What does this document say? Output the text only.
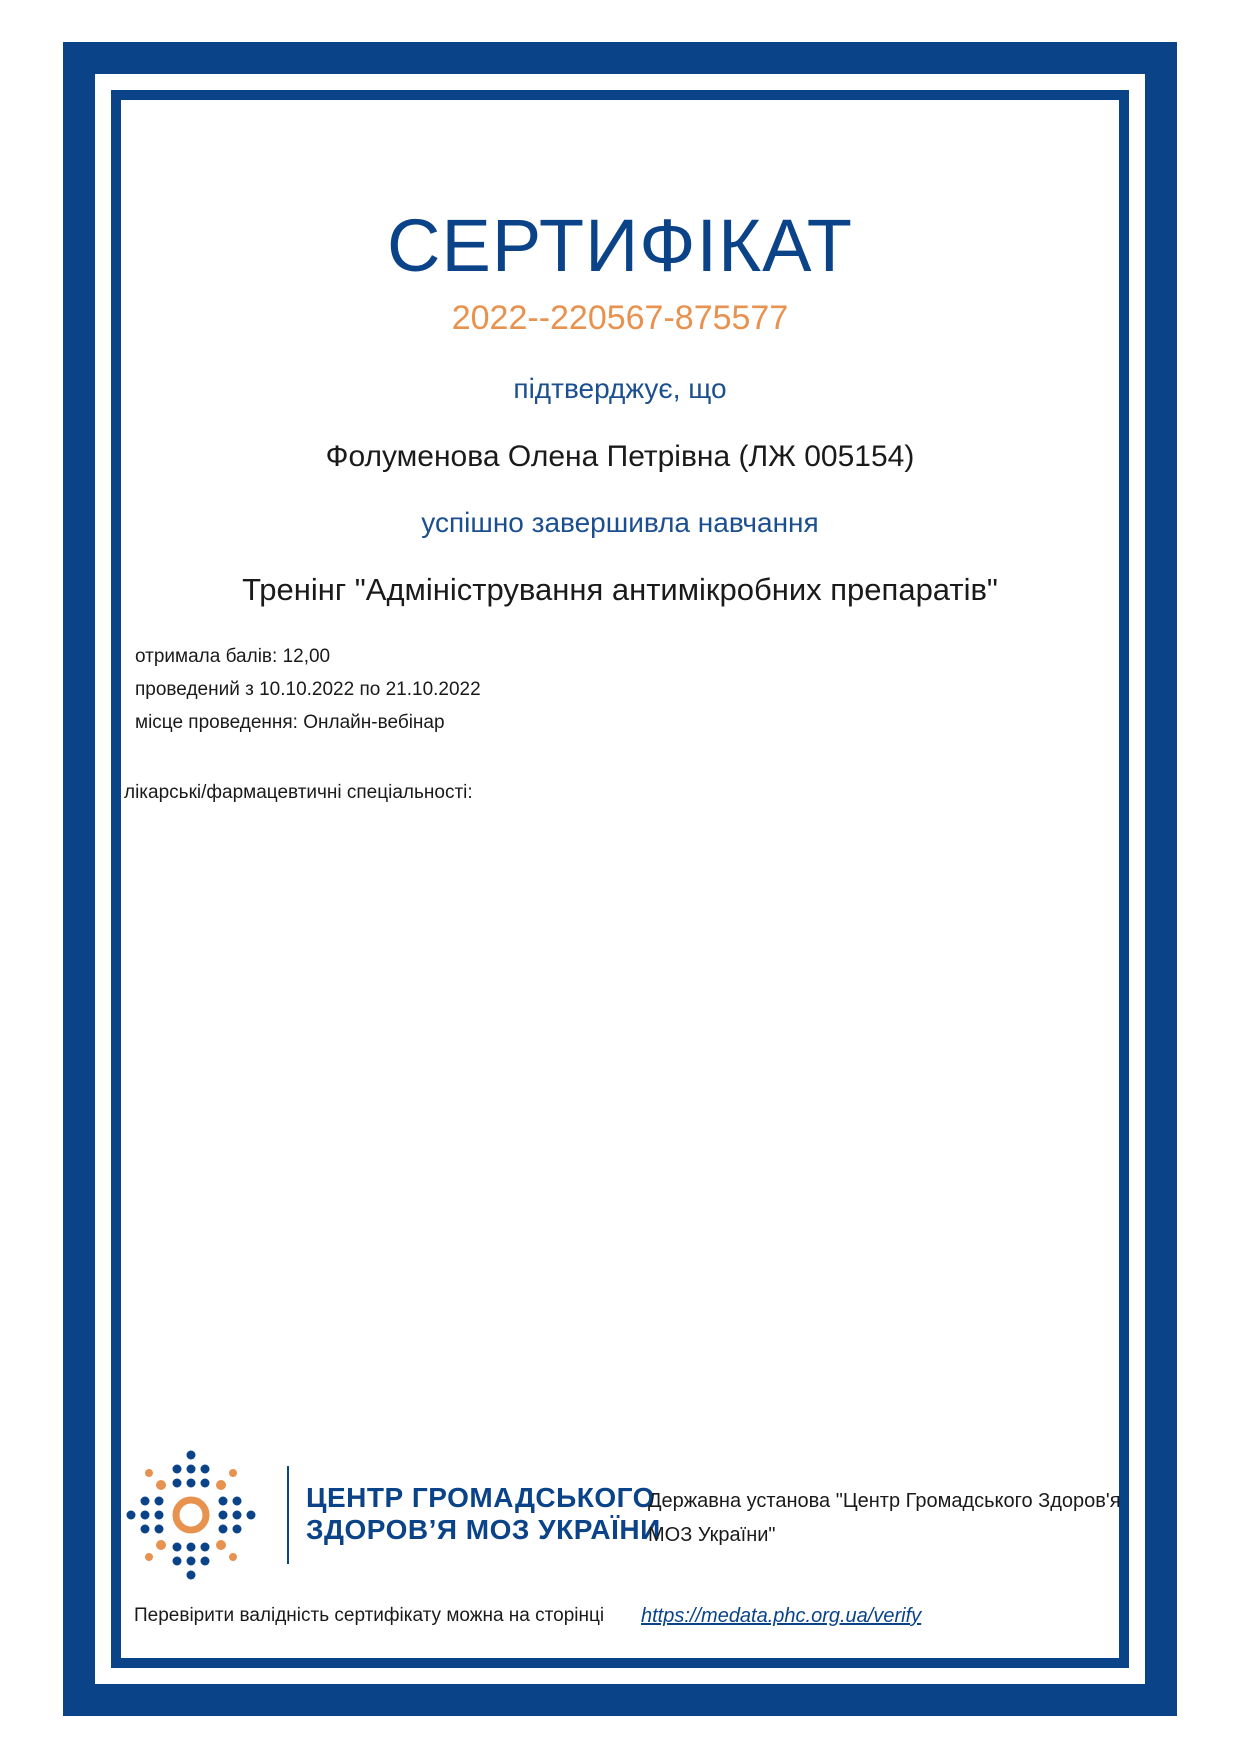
СЕРТИФІКАТ
2022--220567-875577
підтверджує, що
Фолуменова Олена Петрівна (ЛЖ 005154)
успішно завершивла навчання
Тренінг "Адміністрування антимікробних препаратів"
отримала балів: 12,00
проведений з 10.10.2022 по 21.10.2022
місце проведення: Онлайн-вебінар
лікарські/фармацевтичні спеціальності:
ЦЕНТР ГРОМАДСЬКОГО
ЗДОРОВ’Я МОЗ УКРАЇНИ
Державна установа "Центр Громадського Здоров'я МОЗ України"
Перевірити валідність сертифікату можна на сторінці https://medata.phc.org.ua/verify
